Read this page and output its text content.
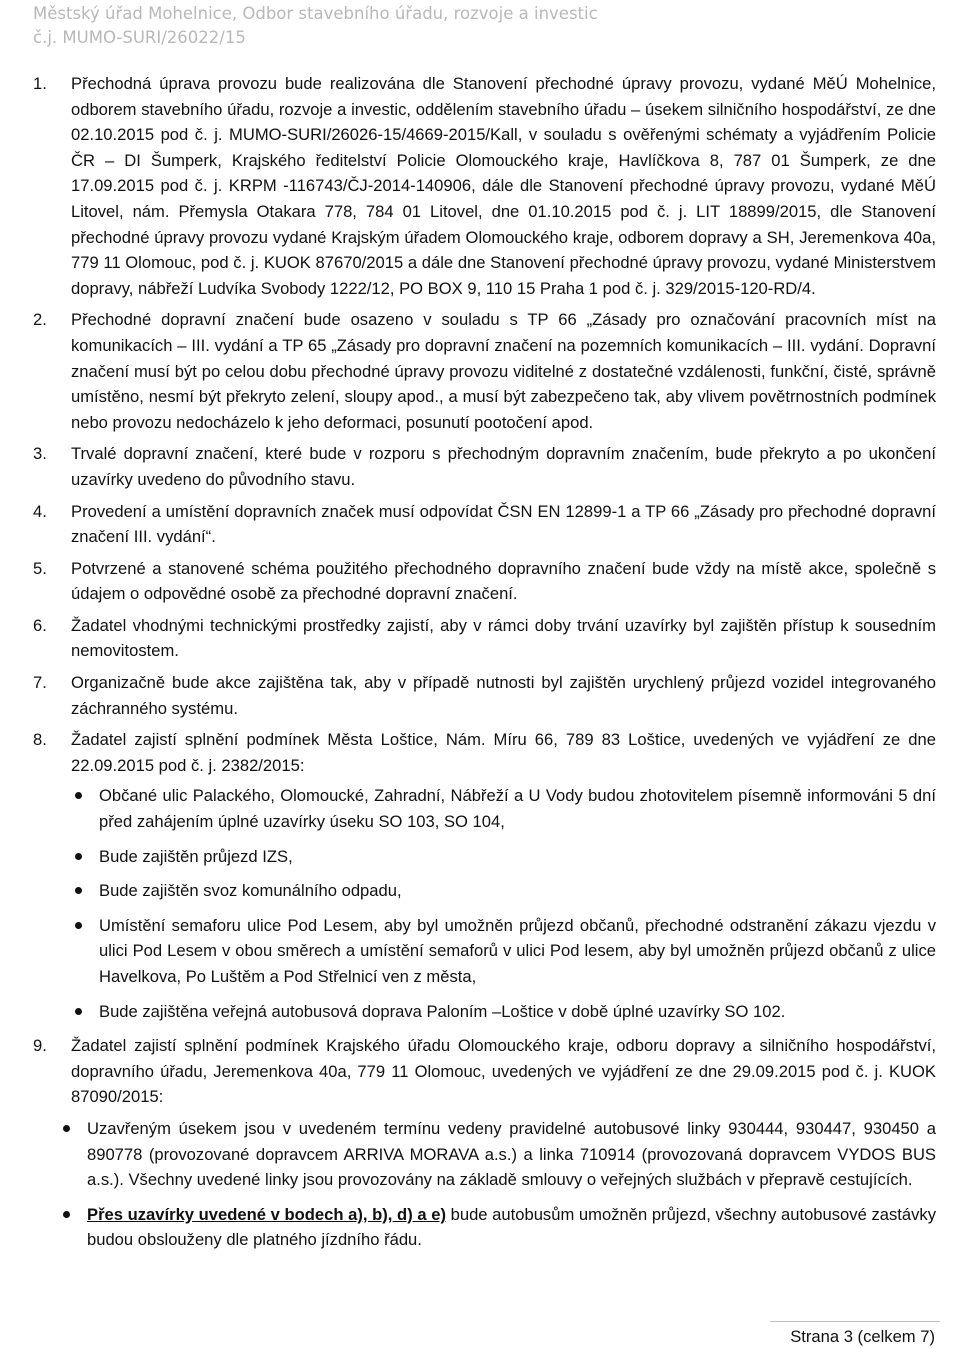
Městský úřad Mohelnice, Odbor stavebního úřadu, rozvoje a investic
č.j. MUMO-SURI/26022/15
1.	Přechodná úprava provozu bude realizována dle Stanovení přechodné úpravy provozu, vydané MěÚ Mohelnice, odborem stavebního úřadu, rozvoje a investic, oddělením stavebního úřadu – úsekem silničního hospodářství, ze dne 02.10.2015 pod č. j. MUMO-SURI/26026-15/4669-2015/Kall, v souladu s ověřenými schématy a vyjádřením Policie ČR – DI Šumperk, Krajského ředitelství Policie Olomouckého kraje, Havlíčkova 8, 787 01 Šumperk, ze dne 17.09.2015 pod č. j. KRPM -116743/ČJ-2014-140906, dále dle Stanovení přechodné úpravy provozu, vydané MěÚ Litovel, nám. Přemysla Otakara 778, 784 01 Litovel, dne 01.10.2015 pod č. j. LIT 18899/2015, dle Stanovení přechodné úpravy provozu vydané Krajským úřadem Olomouckého kraje, odborem dopravy a SH, Jeremenkova 40a, 779 11 Olomouc, pod č. j. KUOK 87670/2015 a dále dne Stanovení přechodné úpravy provozu, vydané Ministerstvem dopravy, nábřeží Ludvíka Svobody 1222/12, PO BOX 9, 110 15 Praha 1 pod č. j. 329/2015-120-RD/4.
2.	Přechodné dopravní značení bude osazeno v souladu s TP 66 „Zásady pro označování pracovních míst na komunikacích – III. vydání a TP 65 „Zásady pro dopravní značení na pozemních komunikacích – III. vydání. Dopravní značení musí být po celou dobu přechodné úpravy provozu viditelné z dostatečné vzdálenosti, funkční, čisté, správně umístěno, nesmí být překryto zelení, sloupy apod., a musí být zabezpečeno tak, aby vlivem povětrnostních podmínek nebo provozu nedocházelo k jeho deformaci, posunutí pootočení apod.
3.	Trvalé dopravní značení, které bude v rozporu s přechodným dopravním značením, bude překryto a po ukončení uzavírky uvedeno do původního stavu.
4.	Provedení a umístění dopravních značek musí odpovídat ČSN EN 12899-1 a TP 66 „Zásady pro přechodné dopravní značení III. vydání“.
5.	Potvrzené a stanovené schéma použitého přechodného dopravního značení bude vždy na místě akce, společně s údajem o odpovědné osobě za přechodné dopravní značení.
6.	Žadatel vhodnými technickými prostředky zajistí, aby v rámci doby trvání uzavírky byl zajištěn přístup k sousedním nemovitostem.
7.	Organizačně bude akce zajištěna tak, aby v případě nutnosti byl zajištěn urychlený průjezd vozidel integrovaného záchranného systému.
8.	Žadatel zajistí splnění podmínek Města Loštice, Nám. Míru 66, 789 83 Loštice, uvedených ve vyjádření ze dne 22.09.2015 pod č. j. 2382/2015:
Občané ulic Palackého, Olomoucké, Zahradní, Nábřeží a U Vody budou zhotovitelem písemně informováni 5 dní před zahájením úplné uzavírky úseku SO 103, SO 104,
Bude zajištěn průjezd IZS,
Bude zajištěn svoz komunálního odpadu,
Umístění semaforu ulice Pod Lesem, aby byl umožněn průjezd občanů, přechodné odstranění zákazu vjezdu v ulici Pod Lesem v obou směrech a umístění semaforů v ulici Pod lesem, aby byl umožněn průjezd občanů z ulice Havelkova, Po Luštěm a Pod Střelnicí ven z města,
Bude zajištěna veřejná autobusová doprava Paloním –Loštice v době úplné uzavírky SO 102.
9.	Žadatel zajistí splnění podmínek Krajského úřadu Olomouckého kraje, odboru dopravy a silničního hospodářství, dopravního úřadu, Jeremenkova 40a, 779 11 Olomouc, uvedených ve vyjádření ze dne 29.09.2015 pod č. j. KUOK 87090/2015:
Uzavřeným úsekem jsou v uvedeném termínu vedeny pravidelné autobusové linky 930444, 930447, 930450 a 890778 (provozované dopravcem ARRIVA MORAVA a.s.) a linka 710914 (provozovaná dopravcem VYDOS BUS a.s.). Všechny uvedené linky jsou provozovány na základě smlouvy o veřejných službách v přepravě cestujících.
Přes uzavírky uvedené v bodech a), b), d) a e) bude autobusům umožněn průjezd, všechny autobusové zastávky budou obslouženy dle platného jízdního řádu.
Strana 3 (celkem 7)
